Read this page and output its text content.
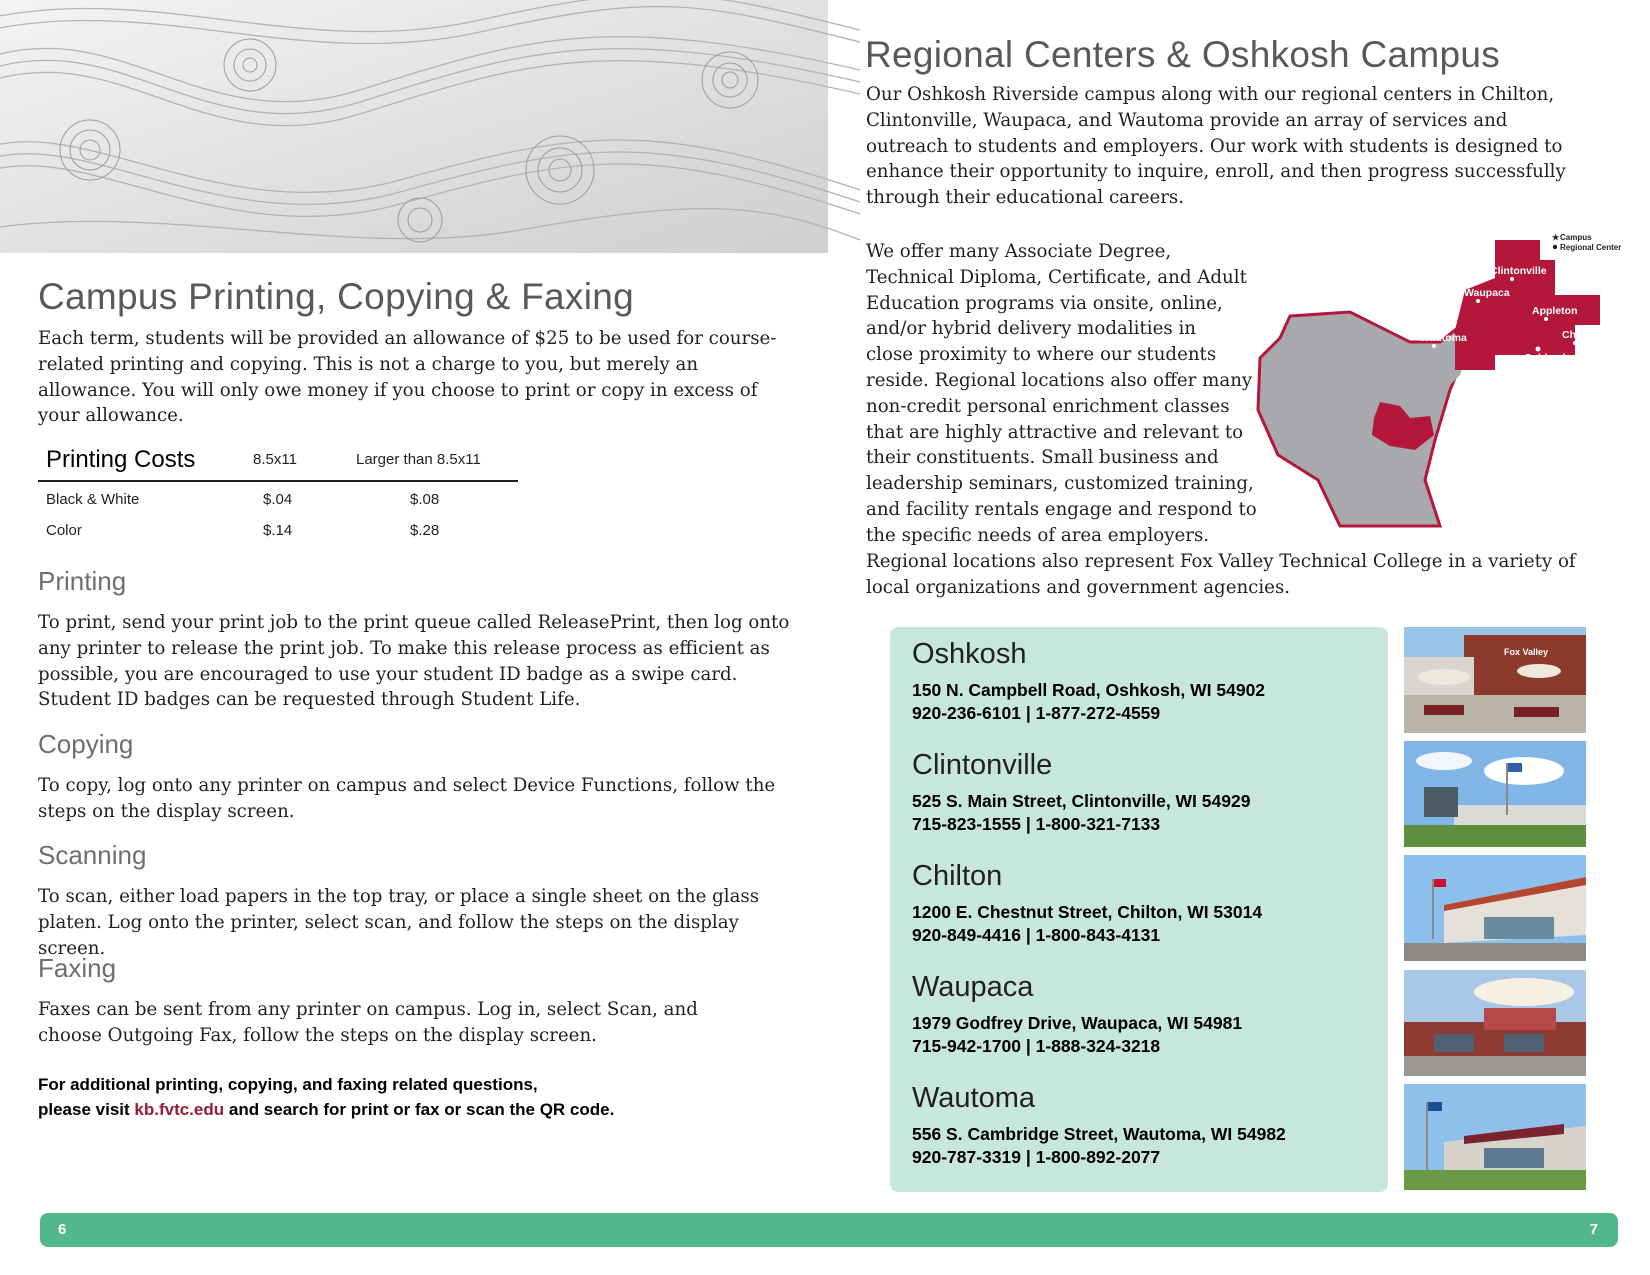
Campus Printing, Copying & Faxing
Each term, students will be provided an allowance of $25 to be used for course-related printing and copying. This is not a charge to you, but merely an allowance. You will only owe money if you choose to print or copy in excess of your allowance.
Printing Costs	8.5x11	Larger than 8.5x11
Black & White	$.04	$.08
Color	$.14	$.28
Printing
To print, send your print job to the print queue called ReleasePrint, then log onto any printer to release the print job. To make this release process as efficient as possible, you are encouraged to use your student ID badge as a swipe card. Student ID badges can be requested through Student Life.
Copying
To copy, log onto any printer on campus and select Device Functions, follow the steps on the display screen.
Scanning
To scan, either load papers in the top tray, or place a single sheet on the glass platen. Log onto the printer, select scan, and follow the steps on the display screen.
Faxing
Faxes can be sent from any printer on campus. Log in, select Scan, and choose Outgoing Fax, follow the steps on the display screen.
For additional printing, copying, and faxing related questions,
please visit kb.fvtc.edu and search for print or fax or scan the QR code.
Regional Centers & Oshkosh Campus
Our Oshkosh Riverside campus along with our regional centers in Chilton, Clintonville, Waupaca, and Wautoma provide an array of services and outreach to students and employers. Our work with students is designed to enhance their opportunity to inquire, enroll, and then progress successfully through their educational careers.
We offer many Associate Degree,
Technical Diploma, Certificate, and Adult
Education programs via onsite, online,
and/or hybrid delivery modalities in
close proximity to where our students
reside. Regional locations also offer many
non-credit personal enrichment classes
that are highly attractive and relevant to
their constituents. Small business and
leadership seminars, customized training,
and facility rentals engage and respond to
the specific needs of area employers.
Regional locations also represent Fox Valley Technical College in a variety of local organizations and government agencies.
Clintonville
Waupaca
Appleton
Wautoma	Chilton
Oshkosh
★ Campus
Regional Center
Oshkosh
150 N. Campbell Road, Oshkosh, WI 54902
920-236-6101 | 1-877-272-4559
Clintonville
525 S. Main Street, Clintonville, WI 54929
715-823-1555 | 1-800-321-7133
Chilton
1200 E. Chestnut Street, Chilton, WI 53014
920-849-4416 | 1-800-843-4131
Waupaca
1979 Godfrey Drive, Waupaca, WI 54981
715-942-1700 | 1-888-324-3218
Wautoma
556 S. Cambridge Street, Wautoma, WI 54982
920-787-3319 | 1-800-892-2077
Fox Valley
6	7
